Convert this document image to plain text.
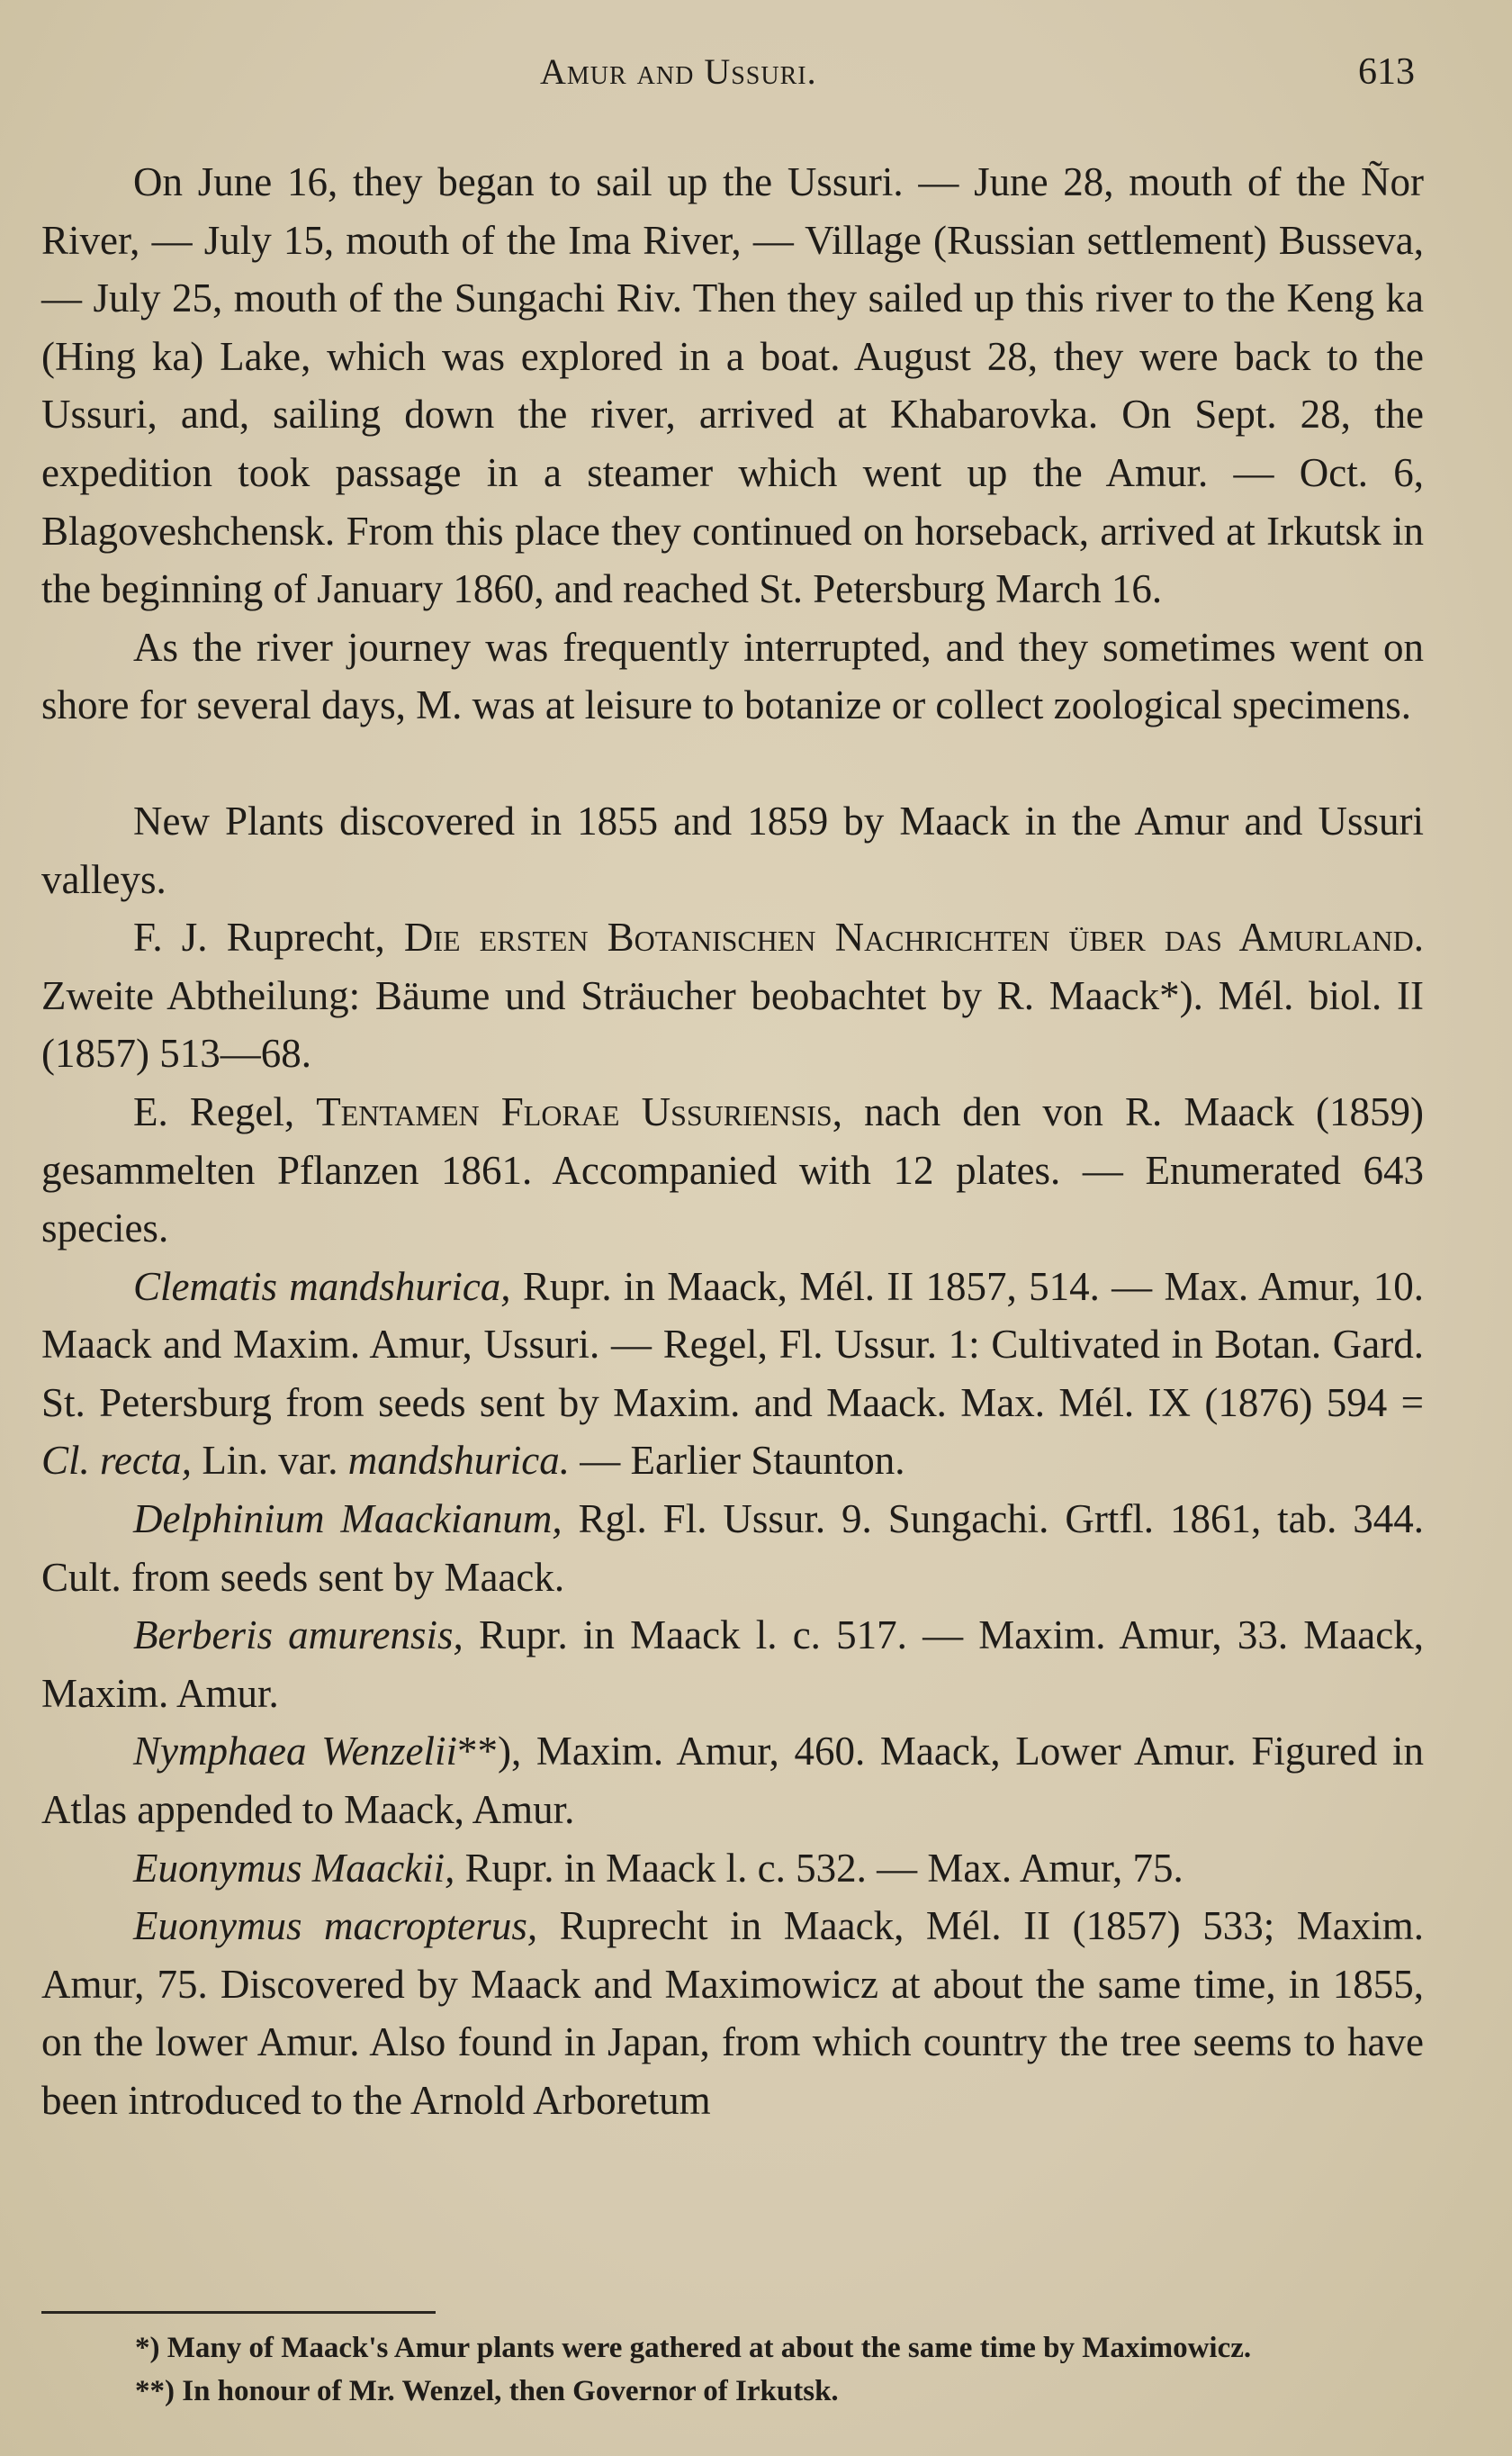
Amur and Ussuri.	613

On June 16, they began to sail up the Ussuri. — June 28, mouth of the Ñor River, — July 15, mouth of the Ima River, — Village (Russian settlement) Busseva, — July 25, mouth of the Sungachi Riv. Then they sailed up this river to the Keng ka (Hing ka) Lake, which was explored in a boat. August 28, they were back to the Ussuri, and, sailing down the river, arrived at Khabarovka. On Sept. 28, the expedition took passage in a steamer which went up the Amur. — Oct. 6, Blagoveshchensk. From this place they continued on horseback, arrived at Irkutsk in the beginning of January 1860, and reached St. Petersburg March 16.

As the river journey was frequently interrupted, and they sometimes went on shore for several days, M. was at leisure to botanize or collect zoological specimens.

New Plants discovered in 1855 and 1859 by Maack in the Amur and Ussuri valleys.

F. J. Ruprecht, Die ersten Botanischen Nachrichten über das Amurland. Zweite Abtheilung: Bäume und Sträucher beobachtet by R. Maack*). Mél. biol. II (1857) 513—68.

E. Regel, Tentamen Florae Ussuriensis, nach den von R. Maack (1859) gesammelten Pflanzen 1861. Accompanied with 12 plates. — Enumerated 643 species.

Clematis mandshurica, Rupr. in Maack, Mél. II 1857, 514. — Max. Amur, 10. Maack and Maxim. Amur, Ussuri. — Regel, Fl. Ussur. 1: Cultivated in Botan. Gard. St. Petersburg from seeds sent by Maxim. and Maack. Max. Mél. IX (1876) 594 = Cl. recta, Lin. var. mandshurica. — Earlier Staunton.

Delphinium Maackianum, Rgl. Fl. Ussur. 9. Sungachi. Grtfl. 1861, tab. 344. Cult. from seeds sent by Maack.

Berberis amurensis, Rupr. in Maack l. c. 517. — Maxim. Amur, 33. Maack, Maxim. Amur.

Nymphaea Wenzelii**), Maxim. Amur, 460. Maack, Lower Amur. Figured in Atlas appended to Maack, Amur.

Euonymus Maackii, Rupr. in Maack l. c. 532. — Max. Amur, 75.

Euonymus macropterus, Ruprecht in Maack, Mél. II (1857) 533; Maxim. Amur, 75. Discovered by Maack and Maximowicz at about the same time, in 1855, on the lower Amur. Also found in Japan, from which country the tree seems to have been introduced to the Arnold Arboretum

*) Many of Maack's Amur plants were gathered at about the same time by Maximowicz.

**) In honour of Mr. Wenzel, then Governor of Irkutsk.
